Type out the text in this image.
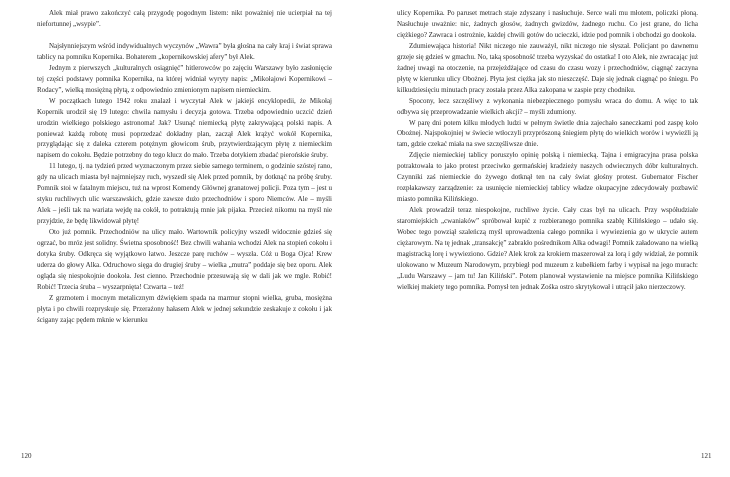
Alek miał prawo zakończyć całą przygodę pogodnym listem: nikt poważniej nie ucierpiał na tej niefortunnej „wsypie”.

Najsłynniejszym wśród indywidualnych wyczynów „Wawra” była głośna na cały kraj i świat sprawa tablicy na pomniku Kopernika. Bohaterem „kopernikowskiej afery” był Alek.

Jednym z pierwszych „kulturalnych osiągnięć” hitlerowców po zajęciu Warszawy było zasłonięcie tej części podstawy pomnika Kopernika, na której widniał wyryty napis: „Mikołajowi Kopernikowi – Rodacy”, wielką mosiężną płytą, z odpowiednio zmienionym napisem niemieckim.

W początkach lutego 1942 roku znalazł i wyczytał Alek w jakiejś encyklopedii, że Mikołaj Kopernik urodził się 19 lutego: chwila namysłu i decyzja gotowa. Trzeba odpowiednio uczcić dzień urodzin wielkiego polskiego astronoma! Jak? Usunąć niemiecką płytę zakrywającą polski napis. A ponieważ każdą robotę musi poprzedzać dokładny plan, zaczął Alek krążyć wokół Kopernika, przyglądając się z daleka czterem potężnym głowicom śrub, przytwierdzającym płytę z niemieckim napisem do cokołu. Będzie potrzebny do tego klucz do mało. Trzeba dotykiem zbadać pierońskie śruby.

11 lutego, tj. na tydzień przed wyznaczonym przez siebie samego terminem, o godzinie szóstej rano, gdy na ulicach miasta był najmniejszy ruch, wyszedł się Alek przed pomnik, by dotknąć na próbę śruby. Pomnik stoi w fatalnym miejscu, tuż na wprost Komendy Głównej granatowej policji. Poza tym – jest u styku ruchliwych ulic warszawskich, gdzie zawsze dużo przechodniów i sporo Niemców. Ale – myśli Alek – jeśli tak na wariata wejdę na cokół, to potraktują mnie jak pijaka. Przecież nikomu na myśl nie przyjdzie, że będę likwidował płytę!

Oto już pomnik. Przechodniów na ulicy mało. Wartownik policyjny wszedł widocznie gdzieś się ogrzać, bo mróz jest solidny. Świetna sposobność! Bez chwili wahania wchodzi Alek na stopień cokołu i dotyka śruby. Odkręca się wyjątkowo łatwo. Jeszcze parę ruchów – wyszła. Cóż u Boga Ojca! Krew uderza do głowy Alka. Odruchowo sięga do drugiej śruby – wielka „mutra” poddaje się bez oporu. Alek ogląda się niespokojnie dookoła. Jest cienno. Przechodnie przesuwają się w dali jak we mgle. Robić! Robić! Trzecia śruba – wyszarpnięta! Czwarta – też!

Z grzmotem i mocnym metalicznym dźwiękiem spada na marmur stopni wielka, gruba, mosiężna płyta i po chwili rozpryskuje się. Przerażony hałasem Alek w jednej sekundzie zeskakuje z cokołu i jak ścigany zając pędem mknie w kierunku

120

ulicy Kopernika. Po paruset metrach staje zdyszany i nasłuchuje. Serce wali mu młotem, policzki płoną. Nasłuchuje uważnie: nic, żadnych głosów, żadnych gwizdów, żadnego ruchu. Co jest grane, do licha ciężkiego? Zawraca i ostrożnie, każdej chwili gotów do ucieczki, idzie pod pomnik i obchodzi go dookoła.

Zdumiewająca historia! Nikt niczego nie zauważył, nikt niczego nie słyszał. Policjant po dawnemu grzeje się gdzieś w gmachu. No, taką sposobność trzeba wyzyskać do ostatka! I oto Alek, nie zwracając już żadnej uwagi na otoczenie, na przejeżdżające od czasu do czasu wozy i przechodniów, ciągnąć zaczyna płytę w kierunku ulicy Obożnej. Płyta jest ciężka jak sto nieszczęść. Daje się jednak ciągnąć po śniegu. Po kilkudziesięciu minutach pracy została przez Alka zakopana w zaspie przy chodniku.

Spocony, lecz szczęśliwy z wykonania niebezpiecznego pomysłu wraca do domu. A więc to tak odbywa się przeprowadzanie wielkich akcji? – myśli zdumiony.

W parę dni potem kilku młodych ludzi w pełnym świetle dnia zajechało saneczkami pod zaspę koło Obożnej. Najspokojniej w świecie wtłoczyli przyprószoną śniegiem płytę do wielkich worów i wywieźli ją tam, gdzie czekać miała na swe szczęśliwsze dnie.

Zdjęcie niemieckiej tablicy poruszyło opinię polską i niemiecką. Tajna i emigracyjna prasa polska potraktowała to jako protest przeciwko germańskiej kradzieży naszych odwiecznych dóbr kulturalnych. Czynniki zaś niemieckie do żywego dotknął ten na cały świat głośny protest. Gubernator Fischer rozpłakawszy zarządzenie: za usunięcie niemieckiej tablicy władze okupacyjne zdecydowały pozbawić miasto pomnika Kilińskiego.

Alek prowadził teraz niespokojne, ruchliwe życie. Cały czas był na ulicach. Przy współudziale staromiejskich „cwaniaków” spróbował kupić z rozbieranego pomnika szablę Kilińskiego – udało się. Wobec tego powziął szaleńczą myśl uprowadzenia całego pomnika i wywiezienia go w ukrycie autem ciężarowym. Na tę jednak „transakcję” zabrakło pośrednikom Alka odwagi! Pomnik załadowano na wielką magistracką lorę i wywieziono. Gdzie? Alek krok za krokiem maszerował za lorą i gdy widział, że pomnik ulokowano w Muzeum Narodowym, przybiegł pod muzeum z kubełkiem farby i wypisał na jego murach: „Ludu Warszawy – jam tu! Jan Kiliński”. Potem planował wystawienie na miejsce pomnika Kilińskiego wielkiej makiety tego pomnika. Pomysł ten jednak Zośka ostro skrytykował i utrącił jako nierzeczowy.

121
